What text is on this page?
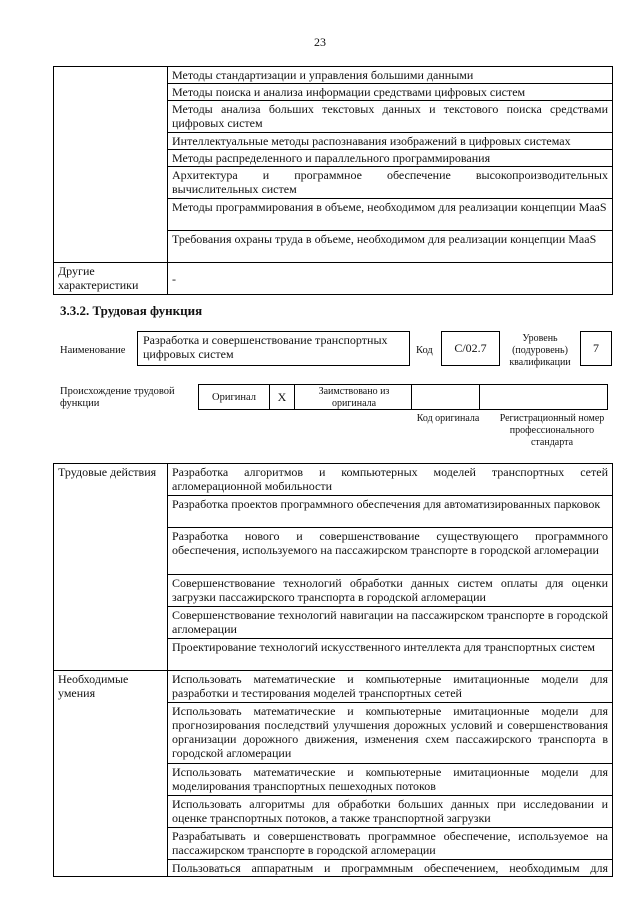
23
	Методы стандартизации и управления большими данными
	Методы поиска и анализа информации средствами цифровых систем
	Методы анализа больших текстовых данных и текстового поиска средствами цифровых систем
	Интеллектуальные методы распознавания изображений в цифровых системах
	Методы распределенного и параллельного программирования
	Архитектура и программное обеспечение высокопроизводительных вычислительных систем
	Методы программирования в объеме, необходимом для реализации концепции MaaS
	Требования охраны труда в объеме, необходимом для реализации концепции MaaS
Другие характеристики	-
3.3.2. Трудовая функция
Наименование
Разработка и совершенствование транспортных цифровых систем	Код	С/02.7
Уровень (подуровень) квалификации
7
Происхождение трудовой функции
Оригинал	X	Заимствовано из оригинала
Код оригинала	Регистрационный номер профессионального стандарта
Трудовые действия	Разработка алгоритмов и компьютерных моделей транспортных сетей агломерационной мобильности
	Разработка проектов программного обеспечения для автоматизированных парковок
	Разработка нового и совершенствование существующего программного обеспечения, используемого на пассажирском транспорте в городской агломерации
	Совершенствование технологий обработки данных систем оплаты для оценки загрузки пассажирского транспорта в городской агломерации
	Совершенствование технологий навигации на пассажирском транспорте в городской агломерации
	Проектирование технологий искусственного интеллекта для транспортных систем
Необходимые умения	Использовать математические и компьютерные имитационные модели для разработки и тестирования моделей транспортных сетей
	Использовать математические и компьютерные имитационные модели для прогнозирования последствий улучшения дорожных условий и совершенствования организации дорожного движения, изменения схем пассажирского транспорта в городской агломерации
	Использовать математические и компьютерные имитационные модели для моделирования транспортных пешеходных потоков
	Использовать алгоритмы для обработки больших данных при исследовании и оценке транспортных потоков, а также транспортной загрузки
	Разрабатывать и совершенствовать программное обеспечение, используемое на пассажирском транспорте в городской агломерации
	Пользоваться аппаратным и программным обеспечением, необходимым для
